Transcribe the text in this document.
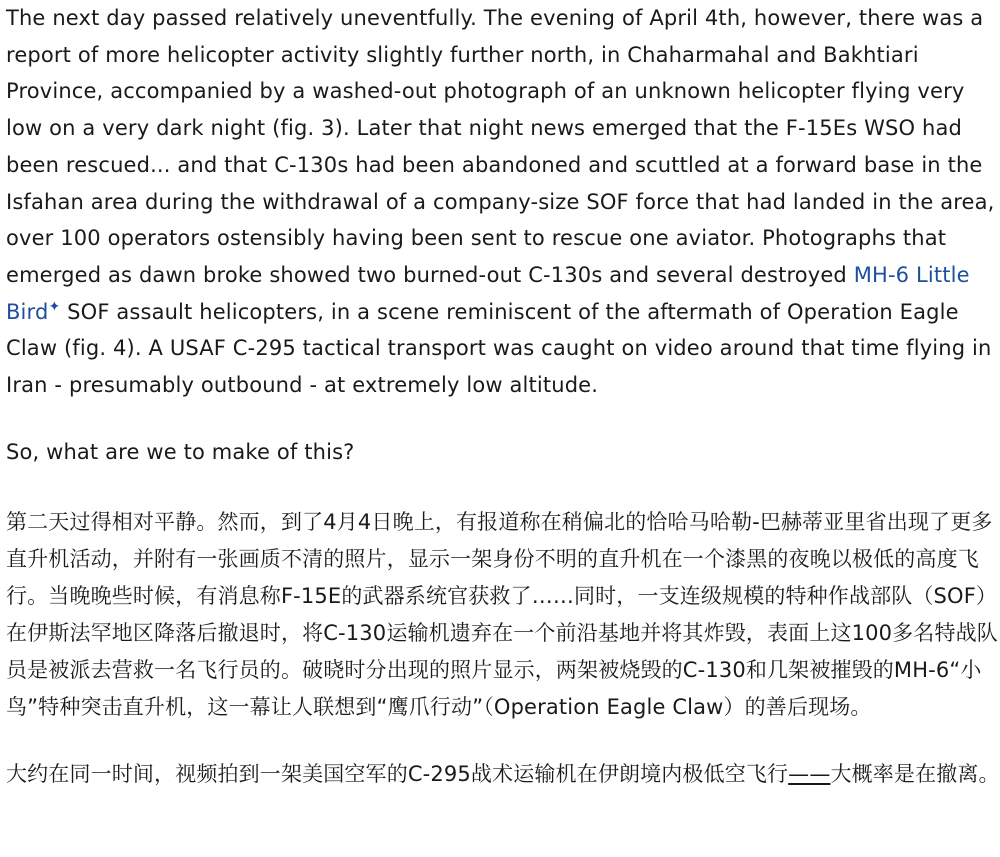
The next day passed relatively uneventfully. The evening of April 4th, however, there was a report of more helicopter activity slightly further north, in Chaharmahal and Bakhtiari Province, accompanied by a washed-out photograph of an unknown helicopter flying very low on a very dark night (fig. 3). Later that night news emerged that the F-15Es WSO had been rescued... and that C-130s had been abandoned and scuttled at a forward base in the Isfahan area during the withdrawal of a company-size SOF force that had landed in the area, over 100 operators ostensibly having been sent to rescue one aviator. Photographs that emerged as dawn broke showed two burned-out C-130s and several destroyed MH-6 Little Bird✦ SOF assault helicopters, in a scene reminiscent of the aftermath of Operation Eagle Claw (fig. 4). A USAF C-295 tactical transport was caught on video around that time flying in Iran - presumably outbound - at extremely low altitude.

So, what are we to make of this?

第二天过得相对平静。然而，到了4月4日晚上，有报道称在稍偏北的恰哈马哈勒-巴赫蒂亚里省出现了更多直升机活动，并附有一张画质不清的照片，显示一架身份不明的直升机在一个漆黑的夜晚以极低的高度飞行。当晚晚些时候，有消息称F-15E的武器系统官获救了……同时，一支连级规模的特种作战部队（SOF）在伊斯法罕地区降落后撤退时，将C-130运输机遗弃在一个前沿基地并将其炸毁，表面上这100多名特战队员是被派去营救一名飞行员的。破晓时分出现的照片显示，两架被烧毁的C-130和几架被摧毁的MH-6“小鸟”特种突击直升机，这一幕让人联想到“鹰爪行动”（Operation Eagle Claw）的善后现场。

大约在同一时间，视频拍到一架美国空军的C-295战术运输机在伊朗境内极低空飞行——大概率是在撤离。
